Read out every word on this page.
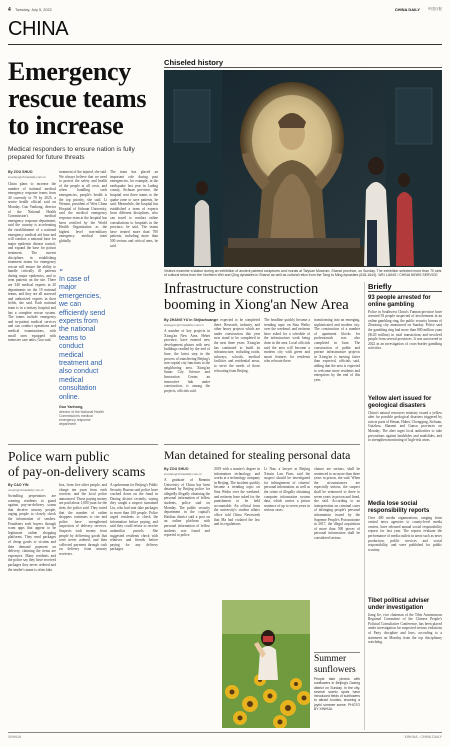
4 Tuesday, July 5, 2022	CHINA DAILY 中国日报
CHINA
Emergency
rescue teams
to increase
Medical responders to ensure nation is fully prepared for future threats
By ZOU SHUO
zoushuo@chinadaily.com.cn
China plans to increase the number of national medical emergency response teams from 40 currently to 70 by 2025, a senior health official said on Monday. Guo Yanhong, director of the National Health Commission's medical emergency response department, said the country is accelerating the establishment of a national emergency medical aid base and will conduct a national base for major epidemic disease control, and expand the base for poison treatment. The current disciplines in establishing treatment teams for emergency rescue will ensure the ability to handle critically ill patients during major epidemics, and to treat patients on the site. There are 340 medical experts in 20 departments on the 19 national teams, and they are all assessed and authorized experts in their fields, she said. Each national team is in a tertiary hospital and has a complete rescue system. The teams include emergency and in-patient medical services and can conduct operations and medical examinations, with small ones equipped with intensive care units, Guo said.
treatment of the injured, she said. We always believe that we need to protect the safety and health of the people at all costs, and when handling such emergencies, people's health is the top priority, she said. Li Wenxin, president of West China Hospital of Sichuan University, said the medical emergency response team at the hospital has been certified by the World Health Organization as the highest level non-military emergency medical team globally.
“
In case of major emergencies, we can efficiently send experts from the national teams to conduct medical treatment and also conduct medical consultation online.
Guo Yanhong,
director of the National Health Commission's medical emergency response department
The team has placed an important role during past emergencies, for example, in the earthquake last year in Luding county, Sichuan province, the hospital sent three teams to the quake zone to save patients, he said. Meanwhile, the hospital has established a team of experts from different disciplines, who can travel to conduct online consultations to hospitals in the province, he said. The teams have treated more than 700 patients, including more than 500 serious and critical ones, he said.
Chiseled history
Visitors examine a statue during an exhibition of ancient painted sculptures and murals at Taiyuan Museum, Shanxi province, on Sunday. The exhibition selected more than 70 sets of cultural relics from the Northern Wei and Qing dynasties in Shanxi as well as cultural relics from the Tang to Ming dynasties (618-1644). WEI LIANG / CHINA NEWS SERVICE
Infrastructure construction
booming in Xiong'an New Area
By ZHANG YU in Shijiazhuang
zhangyu1@chinadaily.com.cn
A number of key projects in Xiong'an New Area, Hebei province, have entered new development phases with new buildings readied by the end of June, the latest step in the process of transferring Beijing's non-capital city functions to the neighboring area. Xiong'an Sunac City Science and Innovation Center, an innovative hub under construction, is among the projects, officials said.
are expected to be completed there. Research, industry, and other heavy projects which are under construction this year now stand to be completed in the next three years. Xiong'an has continued to build its infrastructure, including roads, subways, schools, medical facilities and residential areas, to serve the needs of those relocating from Beijing.
The headline quickly became a trending topic on Sina Weibo over the weekend, and netizens have asked for a schedule of the infrastructure work being done in the area. Local officials said the area will become a modern city with green and smart features for residents who relocate there.
transforming into an emerging, sophisticated and modern city. The construction of a number of apartment blocks for professionals was also completed in June. The construction of public and private infrastructure projects in Xiong'an is moving faster than expected, officials said, adding that the area is expected to welcome more residents and enterprises by the end of this year.
Briefly
93 people arrested for online gambling
Police in Southwest China's Yunnan province have arrested 93 people suspected of involvement in an online gambling ring, the public security bureau of Zhaotong city announced on Sunday. Police said the gambling ring had more than 800 million yuan ($120 million) in total transactions and involved people from several provinces. It was uncovered in 2022 in an investigation of cross-border gambling activities.
Yellow alert issued for geological disasters
China's natural resources ministry issued a yellow alert for possible geological disasters triggered by rain in parts of Henan, Hubei, Chongqing, Sichuan, Guizhou, Shaanxi and Gansu provinces on Monday. The alert urges local authorities to take precautions against landslides and mudslides, and to strengthen monitoring of high-risk areas.
Media lose social responsibility reports
Over 400 media organizations, ranging from central news agencies to county-level media centers, have released annual social responsibility reports for last year. The reports evaluate the performance of media outlets in areas such as news production, public services and social responsibility, and were published for public scrutiny.
Tibet political adviser under investigation
Jiang Jie, vice chairman of the Tibet Autonomous Regional Committee of the Chinese People's Political Consultative Conference, has been placed under investigation for suspected serious violations of Party discipline and laws, according to a statement on Monday from the top disciplinary watchdog.
Police warn public
of pay-on-delivery scams
By CAO YIN
caoyin@chinadaily.com.cn
Swindling perpetrators are warning residents to guard against pay-on-delivery scams that deceive unwary people, urging people to closely check the information of senders. Fraudsters seek buyers through scam apps that appear to be legitimate online shopping platforms. They send packages of cheap goods to victims and then demand payment on delivery, claiming the items are expensive. Many residents and the police say they have received packages they never ordered and the sender's name is often fake.
box, from five other people, and charge ten yuan from each receiver, and the local police announced. Those paying money are paid about 1,000 yuan for the item, the police said. They noted that the number of online shoppers continues to rise and police have strengthened inspection of delivery services. Suspects took money from people by delivering goods that were never ordered, and then collected payment through cash on delivery from unwary receivers.
A spokesman for Beijing's Public Security Bureau said police have cracked down on the fraud in Daxing district recently, saying they caught a suspect surnamed Liu, who had sent fake packages to more than 100 people. Police urged residents to check the information before paying, and said they could refuse to receive unfamiliar parcels. She suggested residents check with relatives and friends before paying for any delivery packages.
Man detained for stealing personal data
By ZOU SHUO
zoushuo@chinadaily.com.cn
A graduate of Renmin University of China has been detained by Beijing police for allegedly illegally obtaining the personal information of fellow students, police said on Monday. The public security department in the capital's Haidian district said a post on an online platform with personal information of fellow students was found and reported to police.
2019 with a master's degree in information technology, and works at a technology company in Beijing. The incident quickly became a trending topic on Sina Weibo over the weekend, and netizens have asked for the punishment to be held accountable. An official from the university's student affairs office told China Newsweek that Ma had violated the law and its regulations.
Li Nan, a lawyer at Beijing Xinxin Law Firm, said the suspect should be investigated for infringement of citizens' personal information, as well as the crime of illegally obtaining computer information system data, which carries a prison sentence of up to seven years in serious cases.
chance are serious, shall be sentenced to no more than three years in prison, she said. When the circumstances are especially serious, the suspect shall be sentenced to three to seven years in prison and fined, she said. According to an interpretation on criminal cases of infringing people's personal information issued by the Supreme People's Procuratorate in 2017, the illegal acquisition of more than 500 pieces of personal information shall be considered serious.
Summer
sunflowers
People take photos with sunflowers in Beijing's Daxing district on Sunday. In the city, several scenic spots have introduced fields of sunflowers to attract tourists, showing a joyful summer scene. PHOTO BY XINHUA
XINHUA	XINHUA - CHINA DAILY
